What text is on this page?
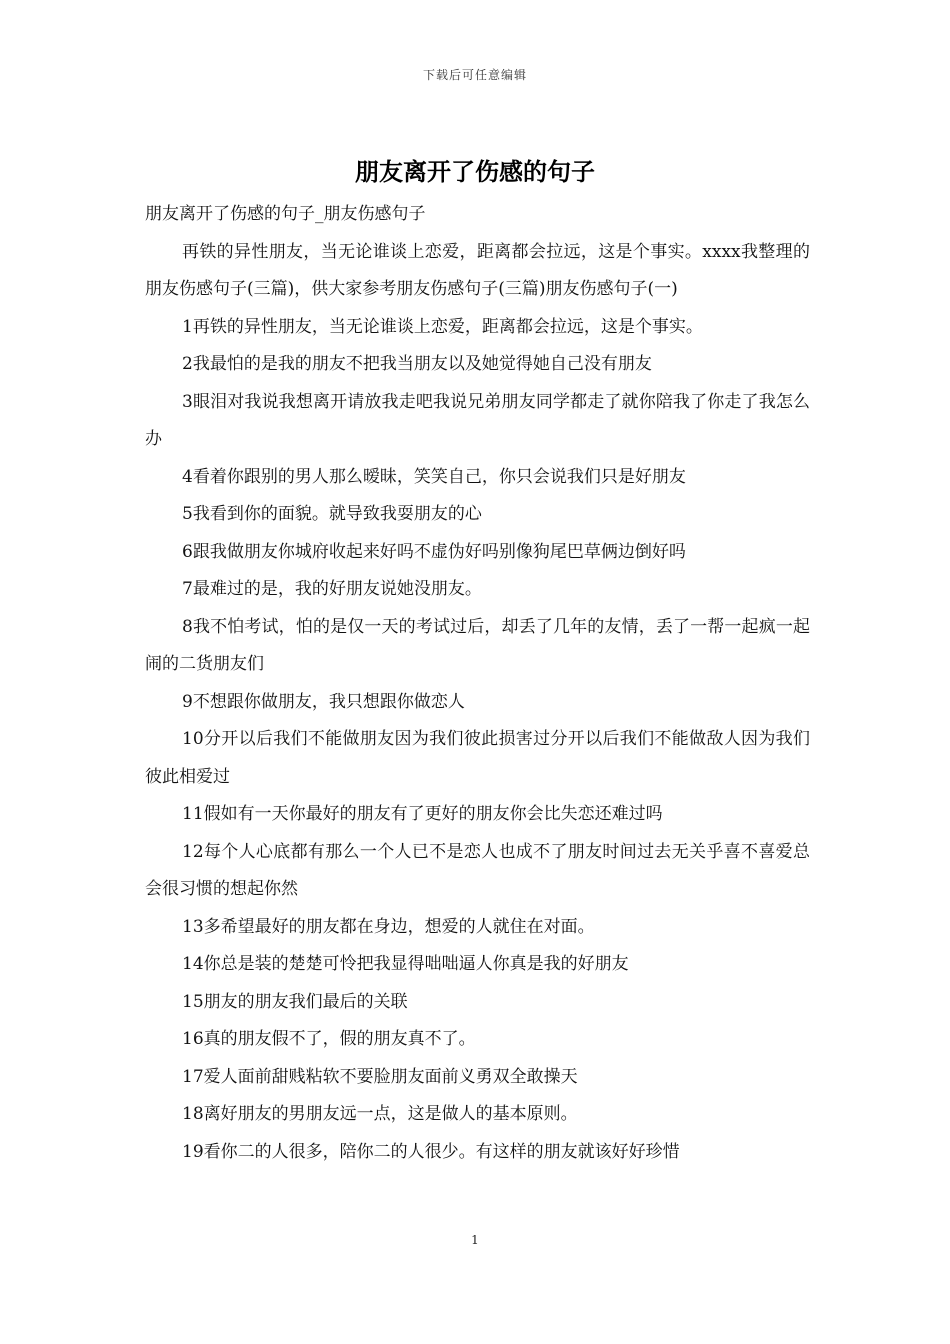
下载后可任意编辑
朋友离开了伤感的句子

朋友离开了伤感的句子_朋友伤感句子

再铁的异性朋友，当无论谁谈上恋爱，距离都会拉远，这是个事实。xxxx我整理的朋友伤感句子(三篇)，供大家参考朋友伤感句子(三篇)朋友伤感句子(一)

1再铁的异性朋友，当无论谁谈上恋爱，距离都会拉远，这是个事实。

2我最怕的是我的朋友不把我当朋友以及她觉得她自己没有朋友

3眼泪对我说我想离开请放我走吧我说兄弟朋友同学都走了就你陪我了你走了我怎么办

4看着你跟别的男人那么暧昧，笑笑自己，你只会说我们只是好朋友

5我看到你的面貌。就导致我耍朋友的心

6跟我做朋友你城府收起来好吗不虚伪好吗别像狗尾巴草俩边倒好吗

7最难过的是，我的好朋友说她没朋友。

8我不怕考试，怕的是仅一天的考试过后，却丢了几年的友情，丢了一帮一起疯一起闹的二货朋友们

9不想跟你做朋友，我只想跟你做恋人

10分开以后我们不能做朋友因为我们彼此损害过分开以后我们不能做敌人因为我们彼此相爱过

11假如有一天你最好的朋友有了更好的朋友你会比失恋还难过吗

12每个人心底都有那么一个人已不是恋人也成不了朋友时间过去无关乎喜不喜爱总会很习惯的想起你然

13多希望最好的朋友都在身边，想爱的人就住在对面。

14你总是装的楚楚可怜把我显得咄咄逼人你真是我的好朋友

15朋友的朋友我们最后的关联

16真的朋友假不了，假的朋友真不了。

17爱人面前甜贱粘软不要脸朋友面前义勇双全敢操天

18离好朋友的男朋友远一点，这是做人的基本原则。

19看你二的人很多，陪你二的人很少。有这样的朋友就该好好珍惜

1
